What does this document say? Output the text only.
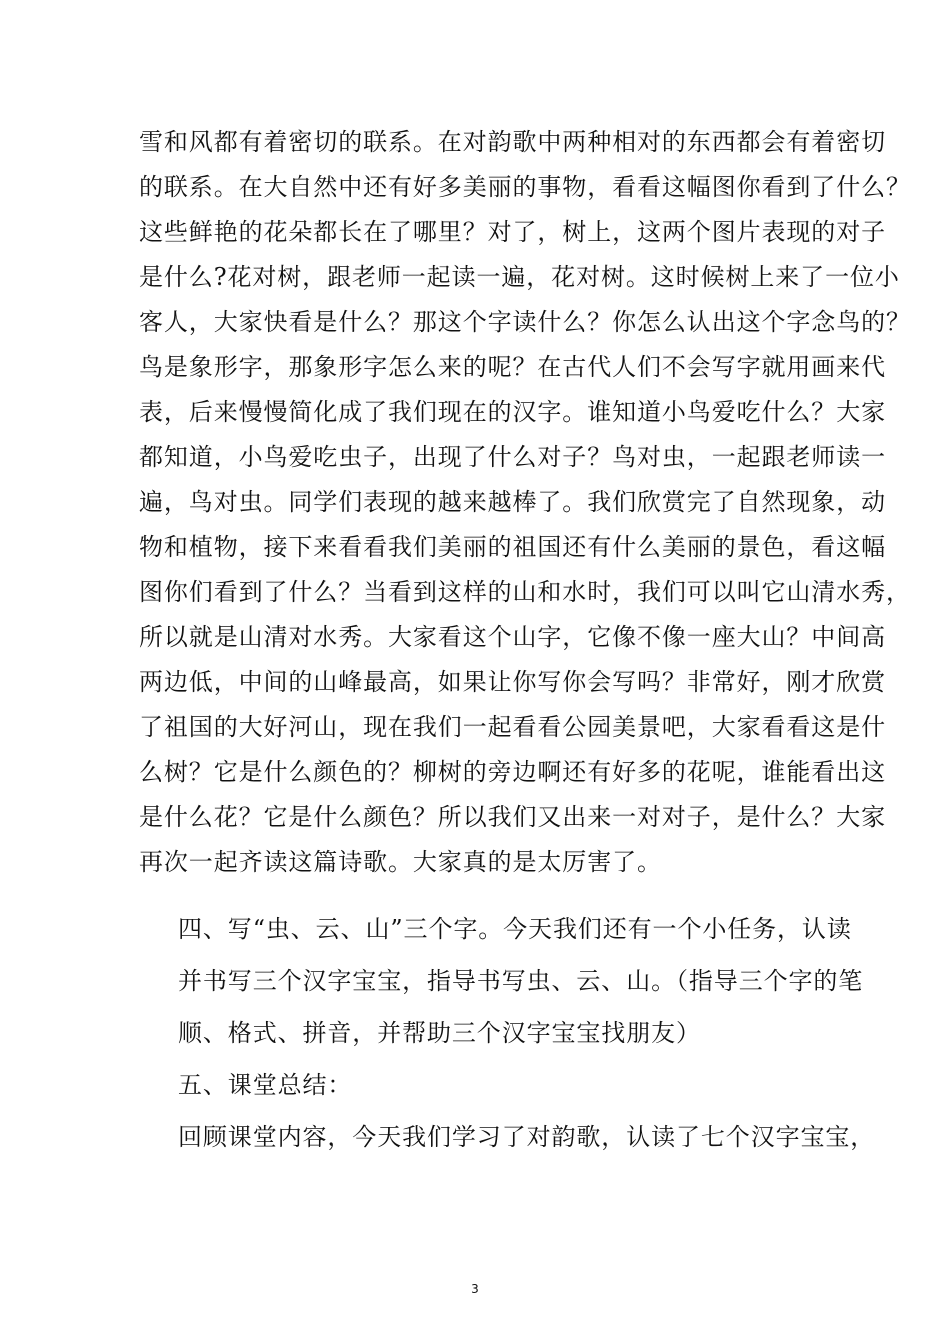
雪和风都有着密切的联系。在对韵歌中两种相对的东西都会有着密切
的联系。在大自然中还有好多美丽的事物，看看这幅图你看到了什么？
这些鲜艳的花朵都长在了哪里？对了，树上，这两个图片表现的对子
是什么?花对树，跟老师一起读一遍，花对树。这时候树上来了一位小
客人，大家快看是什么？那这个字读什么？你怎么认出这个字念鸟的？
鸟是象形字，那象形字怎么来的呢？在古代人们不会写字就用画来代
表，后来慢慢简化成了我们现在的汉字。谁知道小鸟爱吃什么？大家
都知道，小鸟爱吃虫子，出现了什么对子？鸟对虫，一起跟老师读一
遍，鸟对虫。同学们表现的越来越棒了。我们欣赏完了自然现象，动
物和植物，接下来看看我们美丽的祖国还有什么美丽的景色，看这幅
图你们看到了什么？当看到这样的山和水时，我们可以叫它山清水秀，
所以就是山清对水秀。大家看这个山字，它像不像一座大山？中间高
两边低，中间的山峰最高，如果让你写你会写吗？非常好，刚才欣赏
了祖国的大好河山，现在我们一起看看公园美景吧，大家看看这是什
么树？它是什么颜色的？柳树的旁边啊还有好多的花呢，谁能看出这
是什么花？它是什么颜色？所以我们又出来一对对子，是什么？大家
再次一起齐读这篇诗歌。大家真的是太厉害了。
四、写“虫、云、山”三个字。今天我们还有一个小任务，认读
并书写三个汉字宝宝，指导书写虫、云、山。（指导三个字的笔
顺、格式、拼音，并帮助三个汉字宝宝找朋友）
五、课堂总结：
回顾课堂内容，今天我们学习了对韵歌，认读了七个汉字宝宝，
3
